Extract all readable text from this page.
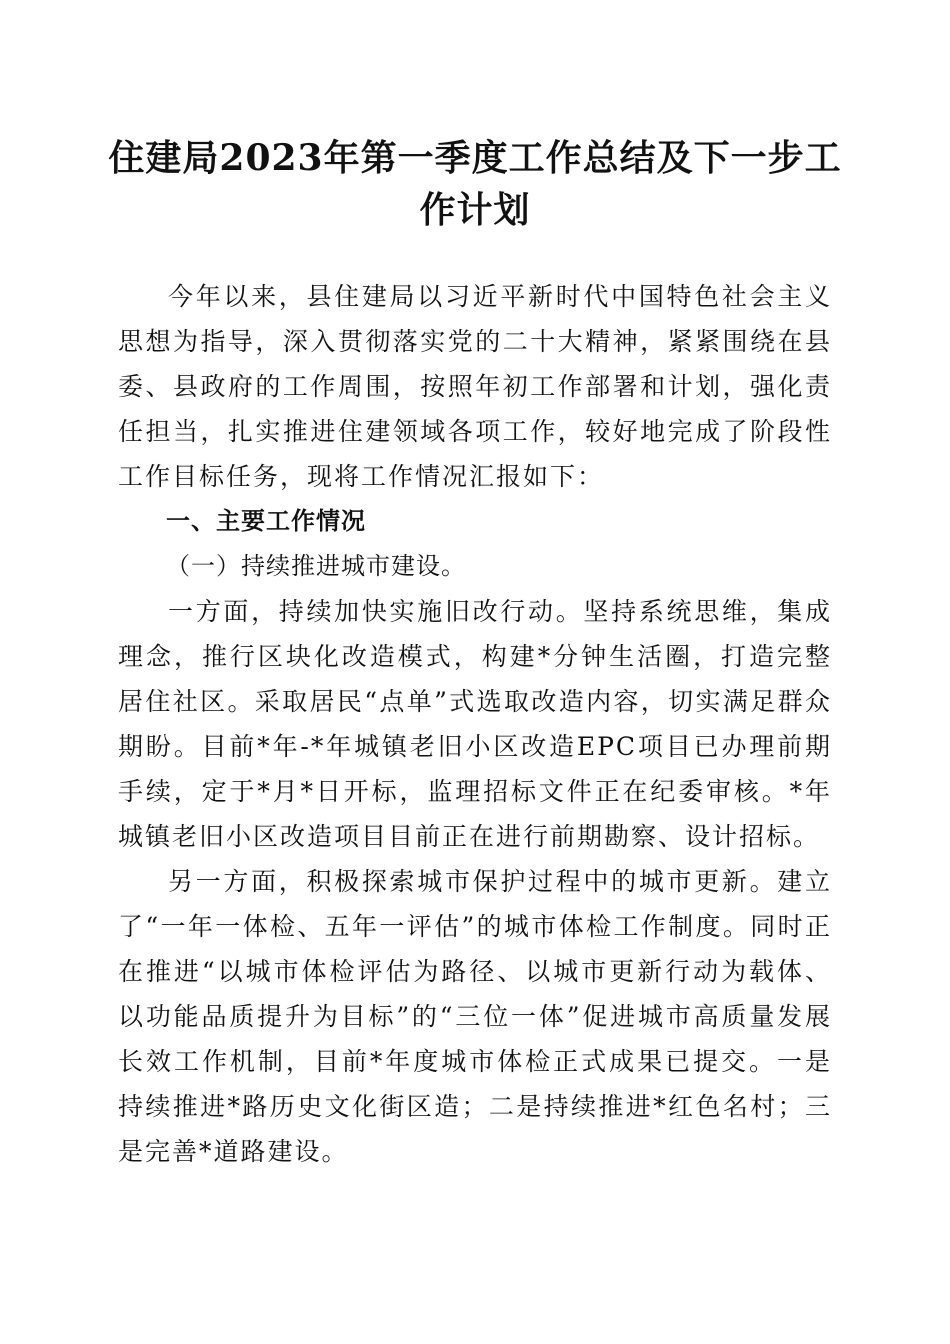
住建局2023年第一季度工作总结及下一步工作计划

今年以来，县住建局以习近平新时代中国特色社会主义思想为指导，深入贯彻落实党的二十大精神，紧紧围绕在县委、县政府的工作周围，按照年初工作部署和计划，强化责任担当，扎实推进住建领域各项工作，较好地完成了阶段性工作目标任务，现将工作情况汇报如下：

一、主要工作情况

（一）持续推进城市建设。

一方面，持续加快实施旧改行动。坚持系统思维，集成理念，推行区块化改造模式，构建*分钟生活圈，打造完整居住社区。采取居民“点单”式选取改造内容，切实满足群众期盼。目前*年-*年城镇老旧小区改造EPC项目已办理前期手续，定于*月*日开标，监理招标文件正在纪委审核。*年城镇老旧小区改造项目目前正在进行前期勘察、设计招标。

另一方面，积极探索城市保护过程中的城市更新。建立了“一年一体检、五年一评估”的城市体检工作制度。同时正在推进“以城市体检评估为路径、以城市更新行动为载体、以功能品质提升为目标”的“三位一体”促进城市高质量发展长效工作机制，目前*年度城市体检正式成果已提交。一是持续推进*路历史文化街区造；二是持续推进*红色名村；三是完善*道路建设。
